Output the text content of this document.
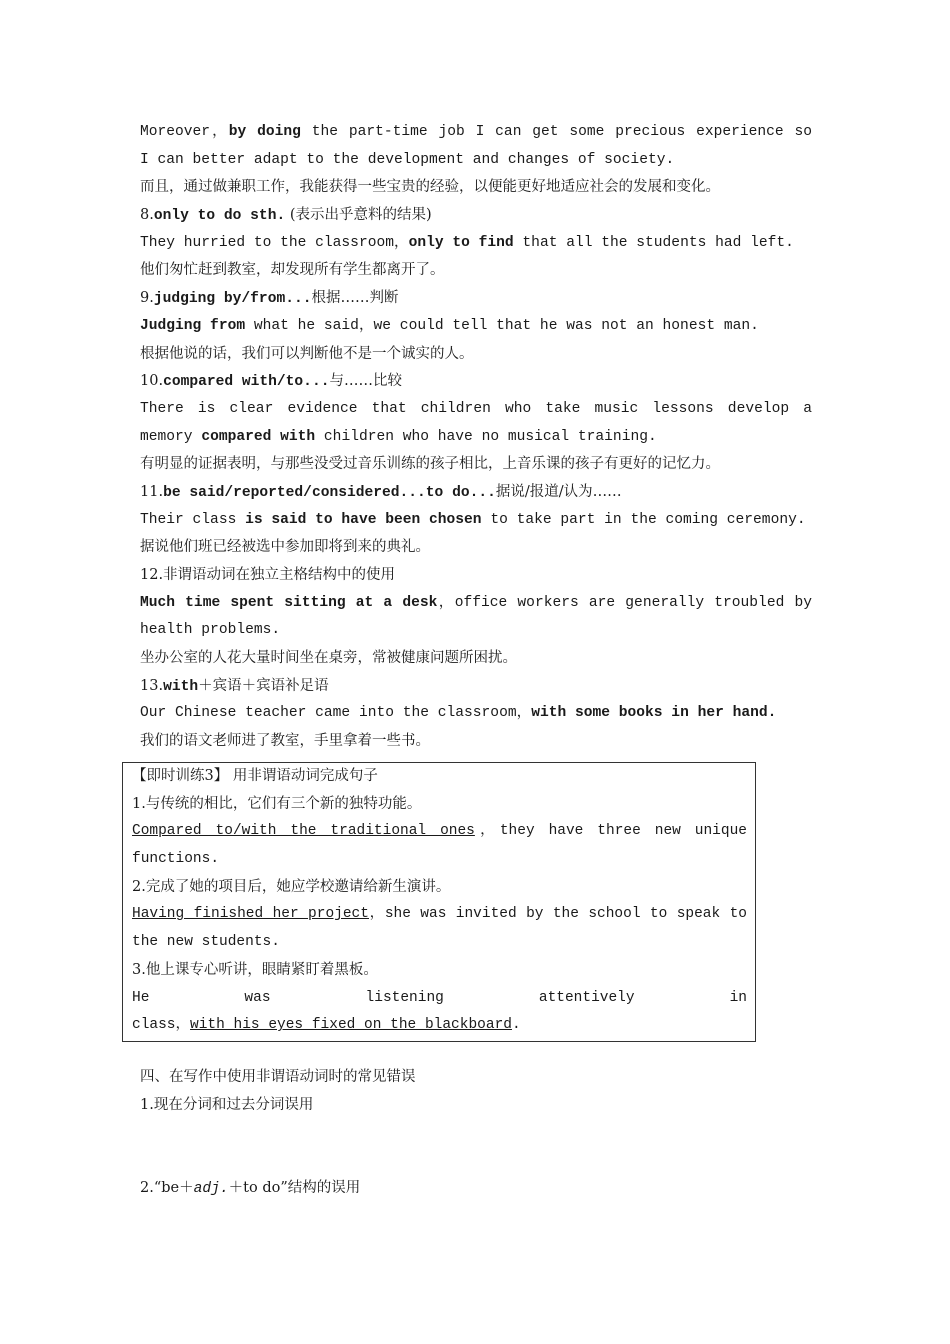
Moreover，by doing the part-time job I can get some precious experience so
I can better adapt to the development and changes of society.
而且，通过做兼职工作，我能获得一些宝贵的经验，以便能更好地适应社会的发展和变化。
8.only to do sth. (表示出乎意料的结果)
They hurried to the classroom，only to find that all the students had left.
他们匆忙赶到教室，却发现所有学生都离开了。
9.judging by/from...根据……判断
Judging from what he said，we could tell that he was not an honest man.
根据他说的话，我们可以判断他不是一个诚实的人。
10.compared with/to...与……比较
There is clear evidence that children who take music lessons develop a
memory compared with children who have no musical training.
有明显的证据表明，与那些没受过音乐训练的孩子相比，上音乐课的孩子有更好的记忆力。
11.be said/reported/considered...to do...据说/报道/认为……
Their class is said to have been chosen to take part in the coming ceremony.
据说他们班已经被选中参加即将到来的典礼。
12.非谓语动词在独立主格结构中的使用
Much time spent sitting at a desk，office workers are generally troubled by
health problems.
坐办公室的人花大量时间坐在桌旁，常被健康问题所困扰。
13.with＋宾语＋宾语补足语
Our Chinese teacher came into the classroom，with some books in her hand.
我们的语文老师进了教室，手里拿着一些书。
【即时训练3】 用非谓语动词完成句子
1.与传统的相比，它们有三个新的独特功能。
Compared to/with the traditional ones，they have three new unique
functions.
2.完成了她的项目后，她应学校邀请给新生演讲。
Having finished her project，she was invited by the school to speak to
the new students.
3.他上课专心听讲，眼睛紧盯着黑板。
He was listening attentively in
class，with his eyes fixed on the blackboard.
四、在写作中使用非谓语动词时的常见错误
1.现在分词和过去分词误用
2.“be＋adj.＋to do”结构的误用
